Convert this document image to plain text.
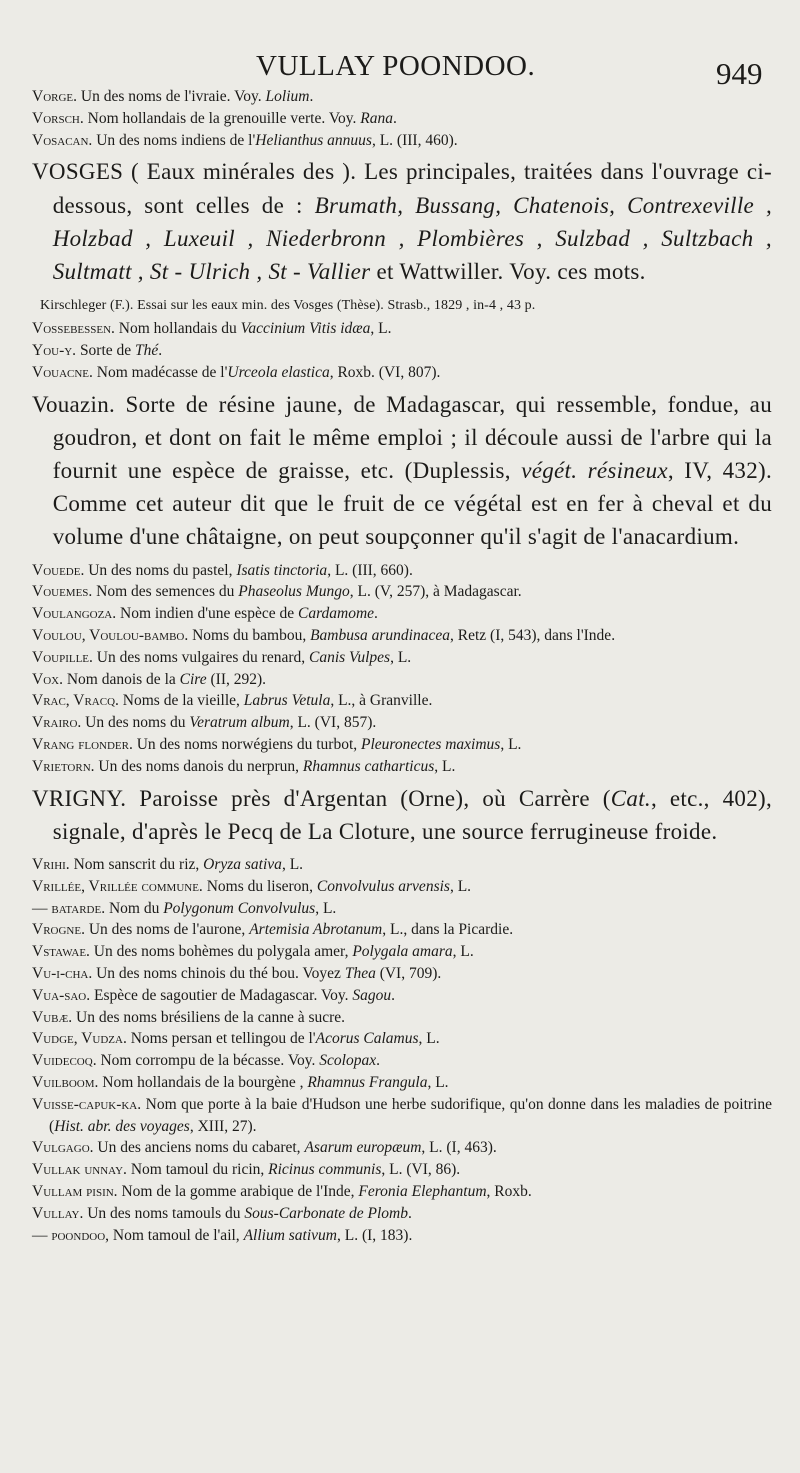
VULLAY POONDOO.	949

Vorge. Un des noms de l'ivraie. Voy. Lolium.

Vorsch. Nom hollandais de la grenouille verte. Voy. Rana.

Vosacan. Un des noms indiens de l'Helianthus annuus, L. (III, 460).

VOSGES ( Eaux minérales des ). Les principales, traitées dans l'ouvrage ci-dessous, sont celles de : Brumath, Bussang, Chatenois, Contrexeville , Holzbad , Luxeuil , Niederbronn , Plombières , Sulzbad , Sultzbach , Sultmatt , St - Ulrich , St - Vallier et Wattwiller. Voy. ces mots.

Kirschleger (F.). Essai sur les eaux min. des Vosges (Thèse). Strasb., 1829 , in-4 , 43 p.

Vossebessen. Nom hollandais du Vaccinium Vitis idæa, L.

You-y. Sorte de Thé.

Vouacne. Nom madécasse de l'Urceola elastica, Roxb. (VI, 807).

Vouazin. Sorte de résine jaune, de Madagascar, qui ressemble, fondue, au goudron, et dont on fait le même emploi ; il découle aussi de l'arbre qui la fournit une espèce de graisse, etc. (Duplessis, végét. résineux, IV, 432). Comme cet auteur dit que le fruit de ce végétal est en fer à cheval et du volume d'une châtaigne, on peut soupçonner qu'il s'agit de l'anacardium.

Vouede. Un des noms du pastel, Isatis tinctoria, L. (III, 660).

Vouemes. Nom des semences du Phaseolus Mungo, L. (V, 257), à Madagascar.

Voulangoza. Nom indien d'une espèce de Cardamome.

Voulou, Voulou-bambo. Noms du bambou, Bambusa arundinacea, Retz (I, 543), dans l'Inde.

Voupille. Un des noms vulgaires du renard, Canis Vulpes, L.

Vox. Nom danois de la Cire (II, 292).

Vrac, Vracq. Noms de la vieille, Labrus Vetula, L., à Granville.

Vrairo. Un des noms du Veratrum album, L. (VI, 857).

Vrang flonder. Un des noms norwégiens du turbot, Pleuronectes maximus, L.

Vrietorn. Un des noms danois du nerprun, Rhamnus catharticus, L.

VRIGNY. Paroisse près d'Argentan (Orne), où Carrère (Cat., etc., 402), signale, d'après le Pecq de La Cloture, une source ferrugineuse froide.

Vrihi. Nom sanscrit du riz, Oryza sativa, L.

Vrillée, Vrillée commune. Noms du liseron, Convolvulus arvensis, L.

— batarde. Nom du Polygonum Convolvulus, L.

Vrogne. Un des noms de l'aurone, Artemisia Abrotanum, L., dans la Picardie.

Vstawae. Un des noms bohèmes du polygala amer, Polygala amara, L.

Vu-i-cha. Un des noms chinois du thé bou. Voyez Thea (VI, 709).

Vua-sao. Espèce de sagoutier de Madagascar. Voy. Sagou.

Vubæ. Un des noms brésiliens de la canne à sucre.

Vudge, Vudza. Noms persan et tellingou de l'Acorus Calamus, L.

Vuidecoq. Nom corrompu de la bécasse. Voy. Scolopax.

Vuilboom. Nom hollandais de la bourgène , Rhamnus Frangula, L.

Vuisse-capuk-ka. Nom que porte à la baie d'Hudson une herbe sudorifique, qu'on donne dans les maladies de poitrine (Hist. abr. des voyages, XIII, 27).

Vulgago. Un des anciens noms du cabaret, Asarum europæum, L. (I, 463).

Vullak unnay. Nom tamoul du ricin, Ricinus communis, L. (VI, 86).

Vullam pisin. Nom de la gomme arabique de l'Inde, Feronia Elephantum, Roxb.

Vullay. Un des noms tamouls du Sous-Carbonate de Plomb.

— poondoo, Nom tamoul de l'ail, Allium sativum, L. (I, 183).
